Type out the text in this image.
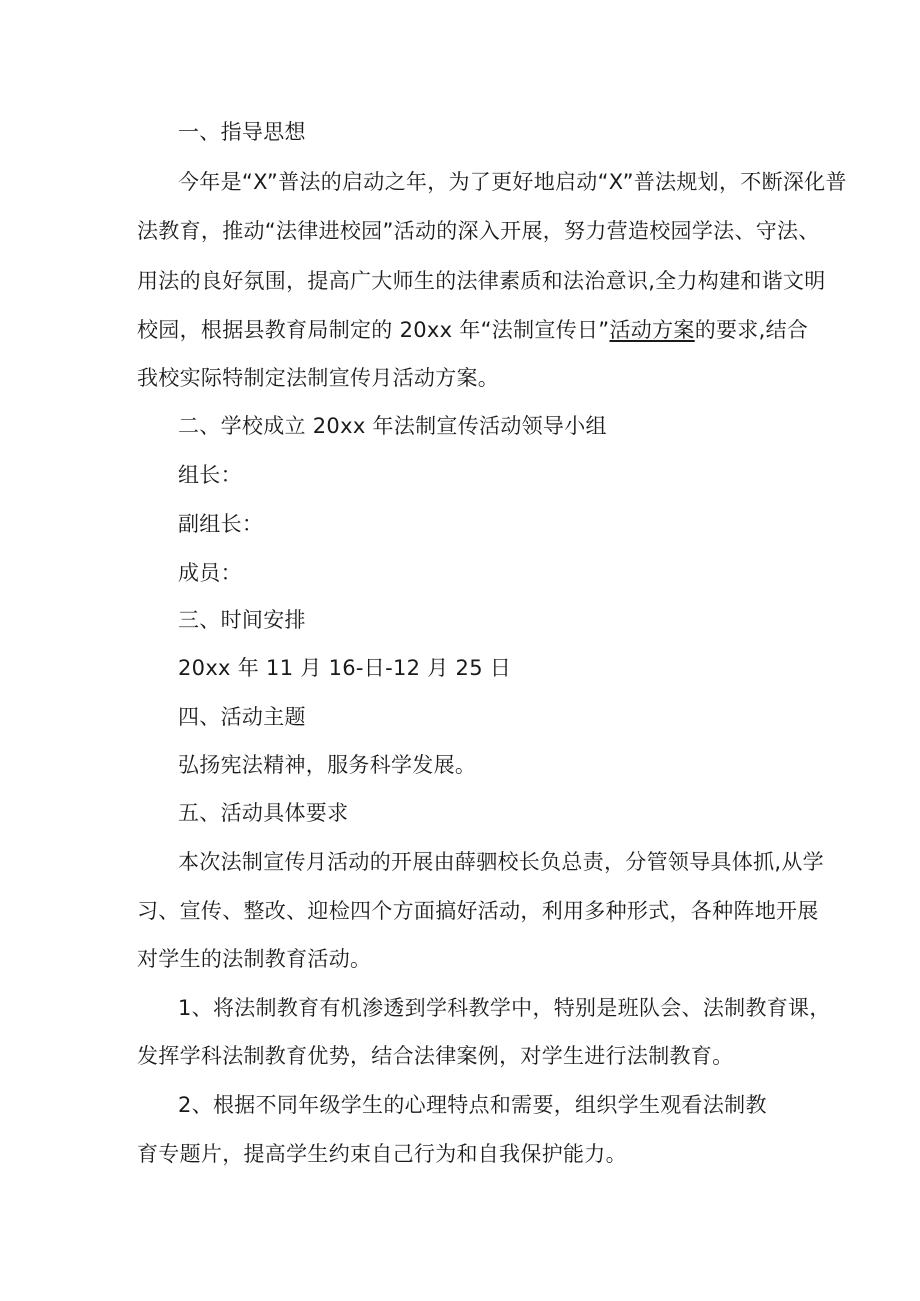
一、指导思想
今年是“X”普法的启动之年，为了更好地启动“X”普法规划，不断深化普
法教育，推动“法律进校园”活动的深入开展，努力营造校园学法、守法、
用法的良好氛围，提高广大师生的法律素质和法治意识,全力构建和谐文明
校园，根据县教育局制定的 20xx 年“法制宣传日”活动方案的要求,结合
我校实际特制定法制宣传月活动方案。
二、学校成立 20xx 年法制宣传活动领导小组
组长：
副组长：
成员：
三、时间安排
20xx 年 11 月 16-日-12 月 25 日
四、活动主题
弘扬宪法精神，服务科学发展。
五、活动具体要求
本次法制宣传月活动的开展由薛驷校长负总责，分管领导具体抓,从学
习、宣传、整改、迎检四个方面搞好活动，利用多种形式，各种阵地开展
对学生的法制教育活动。
1、将法制教育有机渗透到学科教学中，特别是班队会、法制教育课，
发挥学科法制教育优势，结合法律案例，对学生进行法制教育。
2、根据不同年级学生的心理特点和需要，组织学生观看法制教
育专题片，提高学生约束自己行为和自我保护能力。
